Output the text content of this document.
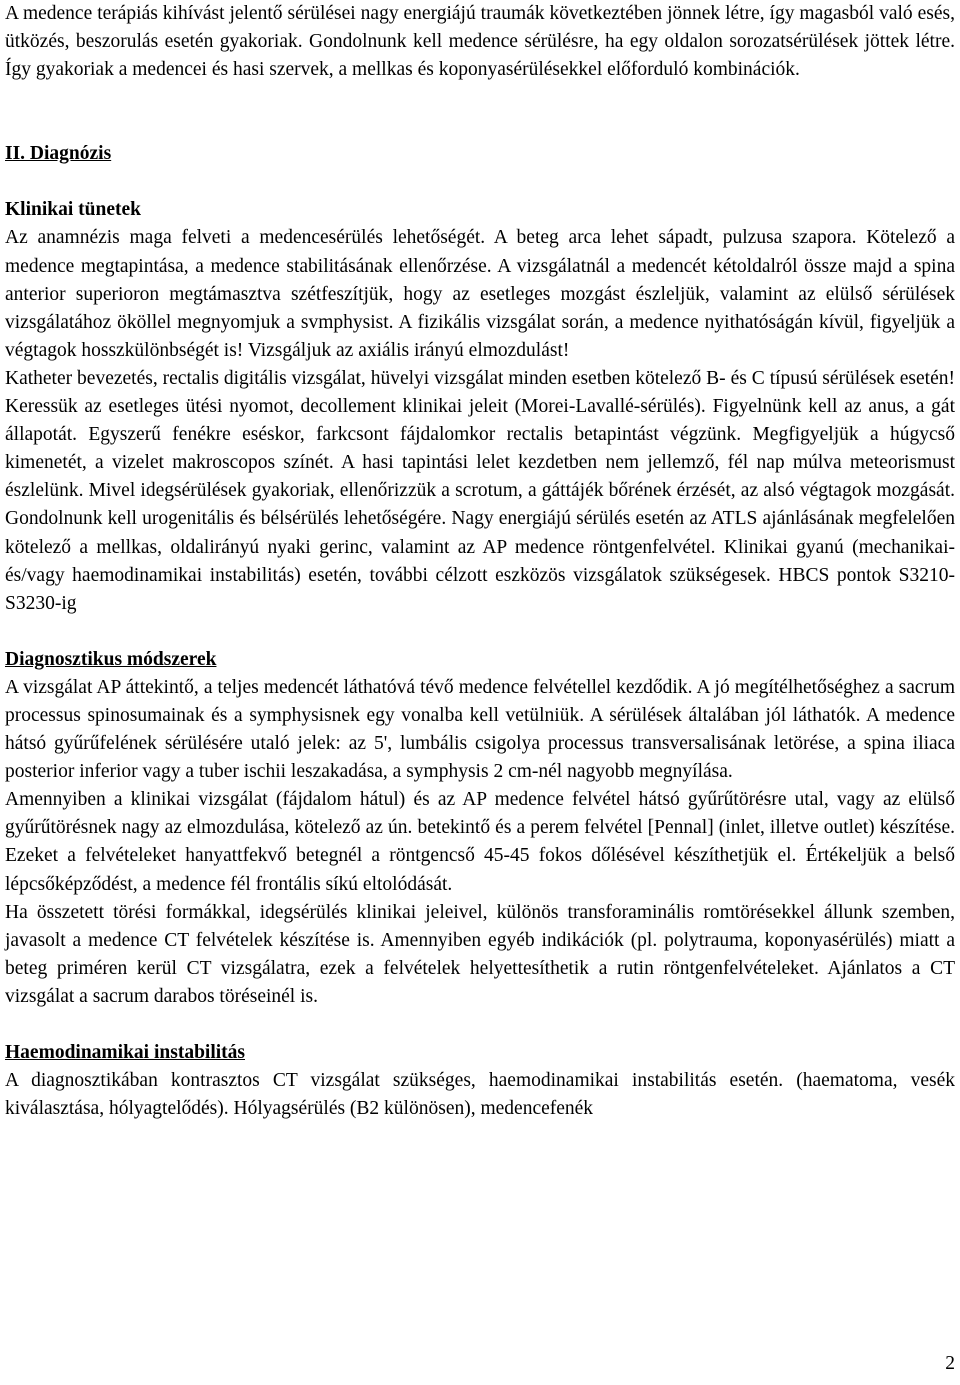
A medence terápiás kihívást jelentő sérülései nagy energiájú traumák következtében jönnek létre, így magasból való esés, ütközés, beszorulás esetén gyakoriak. Gondolnunk kell medence sérülésre, ha egy oldalon sorozatsérülések jöttek létre. Így gyakoriak a medencei és hasi szervek, a mellkas és koponyasérülésekkel előforduló kombinációk.

II. Diagnózis

Klinikai tünetek

Az anamnézis maga felveti a medencesérülés lehetőségét. A beteg arca lehet sápadt, pulzusa szapora. Kötelező a medence megtapintása, a medence stabilitásának ellenőrzése. A vizsgálatnál a medencét kétoldalról össze majd a spina anterior superioron megtámasztva szétfeszítjük, hogy az esetleges mozgást észleljük, valamint az elülső sérülések vizsgálatához ököllel megnyomjuk a svmphysist. A fizikális vizsgálat során, a medence nyithatóságán kívül, figyeljük a végtagok hosszkülönbségét is! Vizsgáljuk az axiális irányú elmozdulást!

Katheter bevezetés, rectalis digitális vizsgálat, hüvelyi vizsgálat minden esetben kötelező B- és C típusú sérülések esetén! Keressük az esetleges ütési nyomot, decollement klinikai jeleit (Morei-Lavallé-sérülés). Figyelnünk kell az anus, a gát állapotát. Egyszerű fenékre eséskor, farkcsont fájdalomkor rectalis betapintást végzünk. Megfigyeljük a húgycső kimenetét, a vizelet makroscopos színét. A hasi tapintási lelet kezdetben nem jellemző, fél nap múlva meteorismust észlelünk. Mivel idegsérülések gyakoriak, ellenőrizzük a scrotum, a gáttájék bőrének érzését, az alsó végtagok mozgását. Gondolnunk kell urogenitális és bélsérülés lehetőségére. Nagy energiájú sérülés esetén az ATLS ajánlásának megfelelően kötelező a mellkas, oldalirányú nyaki gerinc, valamint az AP medence röntgenfelvétel. Klinikai gyanú (mechanikai- és/vagy haemodinamikai instabilitás) esetén, további célzott eszközös vizsgálatok szükségesek. HBCS pontok S3210-S3230-ig

Diagnosztikus módszerek

A vizsgálat AP áttekintő, a teljes medencét láthatóvá tévő medence felvétellel kezdődik. A jó megítélhetőséghez a sacrum processus spinosumainak és a symphysisnek egy vonalba kell vetülniük. A sérülések általában jól láthatók. A medence hátsó gyűrűfelének sérülésére utaló jelek: az 5', lumbális csigolya processus transversalisának letörése, a spina iliaca posterior inferior vagy a tuber ischii leszakadása, a symphysis 2 cm-nél nagyobb megnyílása.

Amennyiben a klinikai vizsgálat (fájdalom hátul) és az AP medence felvétel hátsó gyűrűtörésre utal, vagy az elülső gyűrűtörésnek nagy az elmozdulása, kötelező az ún. betekintő és a perem felvétel [Pennal] (inlet, illetve outlet) készítése. Ezeket a felvételeket hanyattfekvő betegnél a röntgencső 45-45 fokos dőlésével készíthetjük el. Értékeljük a belső lépcsőképződést, a medence fél frontális síkú eltolódását.

Ha összetett törési formákkal, idegsérülés klinikai jeleivel, különös transforaminális romtörésekkel állunk szemben, javasolt a medence CT felvételek készítése is. Amennyiben egyéb indikációk (pl. polytrauma, koponyasérülés) miatt a beteg priméren kerül CT vizsgálatra, ezek a felvételek helyettesíthetik a rutin röntgenfelvételeket. Ajánlatos a CT vizsgálat a sacrum darabos töréseinél is.

Haemodinamikai instabilitás

A diagnosztikában kontrasztos CT vizsgálat szükséges, haemodinamikai instabilitás esetén. (haematoma, vesék kiválasztása, hólyagtelődés). Hólyagsérülés (B2 különösen), medencefenék

2
